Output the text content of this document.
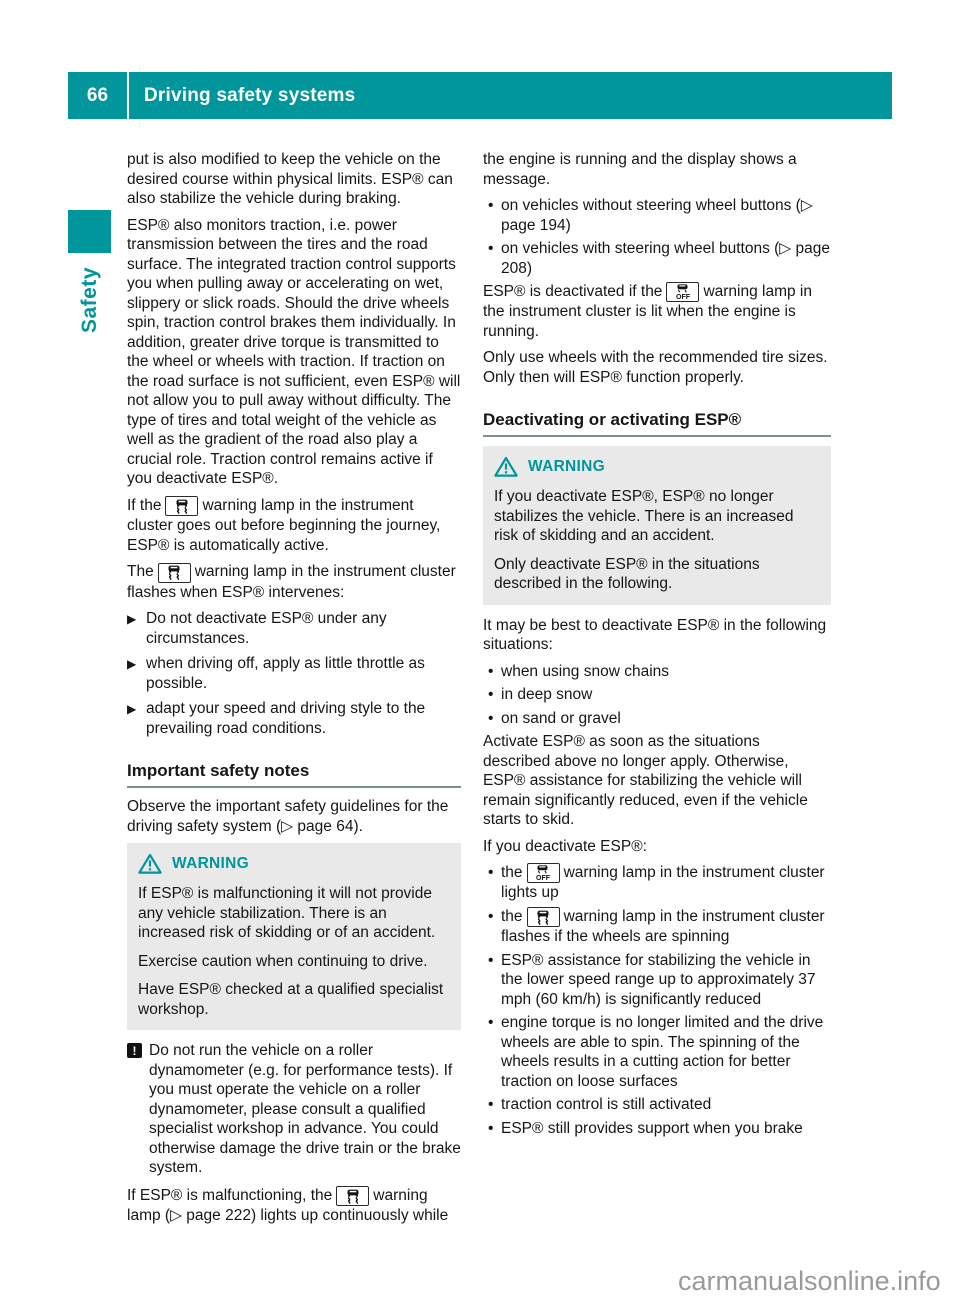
66	Driving safety systems
Safety

put is also modified to keep the vehicle on the desired course within physical limits. ESP® can also stabilize the vehicle during braking.

ESP® also monitors traction, i.e. power transmission between the tires and the road surface. The integrated traction control supports you when pulling away or accelerating on wet, slippery or slick roads. Should the drive wheels spin, traction control brakes them individually. In addition, greater drive torque is transmitted to the wheel or wheels with traction. If traction on the road surface is not sufficient, even ESP® will not allow you to pull away without difficulty. The type of tires and total weight of the vehicle as well as the gradient of the road also play a crucial role. Traction control remains active if you deactivate ESP®.

If the	warning lamp in the instrument cluster goes out before beginning the journey, ESP® is automatically active.

The	warning lamp in the instrument cluster flashes when ESP® intervenes:

▶ Do not deactivate ESP® under any circumstances.
▶ when driving off, apply as little throttle as possible.
▶ adapt your speed and driving style to the prevailing road conditions.
Important safety notes

Observe the important safety guidelines for the driving safety system (▷ page 64).

WARNING

If ESP® is malfunctioning it will not provide any vehicle stabilization. There is an increased risk of skidding or of an accident.

Exercise caution when continuing to drive.

Have ESP® checked at a qualified specialist workshop.

! Do not run the vehicle on a roller dynamometer (e.g. for performance tests). If you must operate the vehicle on a roller dynamometer, please consult a qualified specialist workshop in advance. You could otherwise damage the drive train or the brake system.

If ESP® is malfunctioning, the	warning lamp (▷ page 222) lights up continuously while

the engine is running and the display shows a message.

• on vehicles without steering wheel buttons (▷ page 194)
• on vehicles with steering wheel buttons (▷ page 208)

ESP® is deactivated if the	warning lamp in the instrument cluster is lit when the engine is running.

Only use wheels with the recommended tire sizes. Only then will ESP® function properly.

Deactivating or activating ESP®
WARNING

If you deactivate ESP®, ESP® no longer stabilizes the vehicle. There is an increased risk of skidding and an accident.

Only deactivate ESP® in the situations described in the following.

It may be best to deactivate ESP® in the following situations:

• when using snow chains
• in deep snow
• on sand or gravel

Activate ESP® as soon as the situations described above no longer apply. Otherwise, ESP® assistance for stabilizing the vehicle will remain significantly reduced, even if the vehicle starts to skid.

If you deactivate ESP®:

• the	warning lamp in the instrument cluster lights up
• the	warning lamp in the instrument cluster flashes if the wheels are spinning
• ESP® assistance for stabilizing the vehicle in the lower speed range up to approximately 37 mph (60 km/h) is significantly reduced
• engine torque is no longer limited and the drive wheels are able to spin. The spinning of the wheels results in a cutting action for better traction on loose surfaces
• traction control is still activated
• ESP® still provides support when you brake
carmanualsonline.info
